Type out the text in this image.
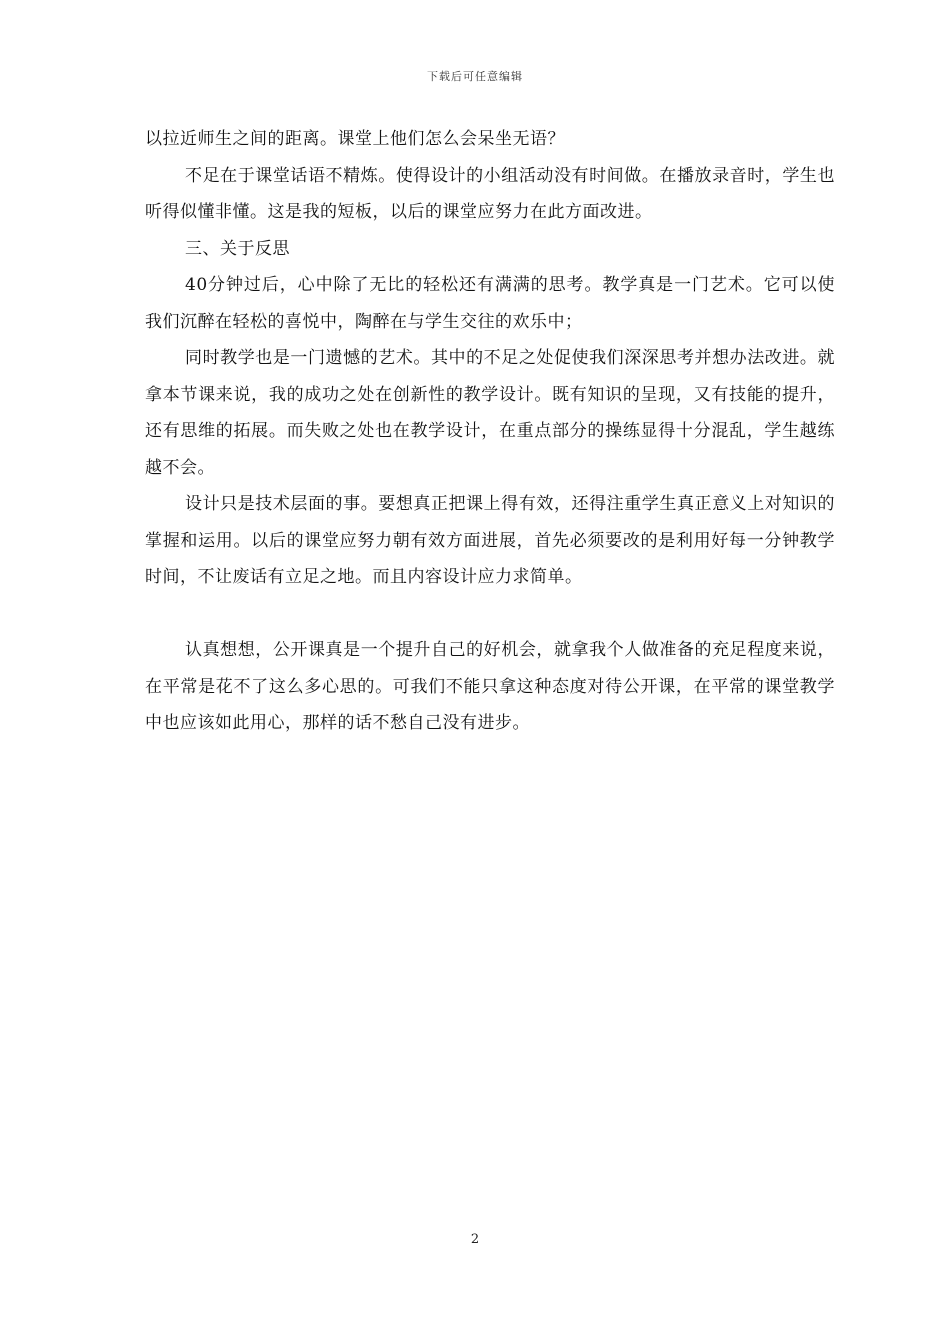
下载后可任意编辑

以拉近师生之间的距离。课堂上他们怎么会呆坐无语？

不足在于课堂话语不精炼。使得设计的小组活动没有时间做。在播放录音时，学生也听得似懂非懂。这是我的短板，以后的课堂应努力在此方面改进。

三、关于反思

40分钟过后，心中除了无比的轻松还有满满的思考。教学真是一门艺术。它可以使我们沉醉在轻松的喜悦中，陶醉在与学生交往的欢乐中；

同时教学也是一门遗憾的艺术。其中的不足之处促使我们深深思考并想办法改进。就拿本节课来说，我的成功之处在创新性的教学设计。既有知识的呈现，又有技能的提升，还有思维的拓展。而失败之处也在教学设计，在重点部分的操练显得十分混乱，学生越练越不会。

设计只是技术层面的事。要想真正把课上得有效，还得注重学生真正意义上对知识的掌握和运用。以后的课堂应努力朝有效方面进展，首先必须要改的是利用好每一分钟教学时间，不让废话有立足之地。而且内容设计应力求简单。

认真想想，公开课真是一个提升自己的好机会，就拿我个人做准备的充足程度来说，在平常是花不了这么多心思的。可我们不能只拿这种态度对待公开课，在平常的课堂教学中也应该如此用心，那样的话不愁自己没有进步。

2
